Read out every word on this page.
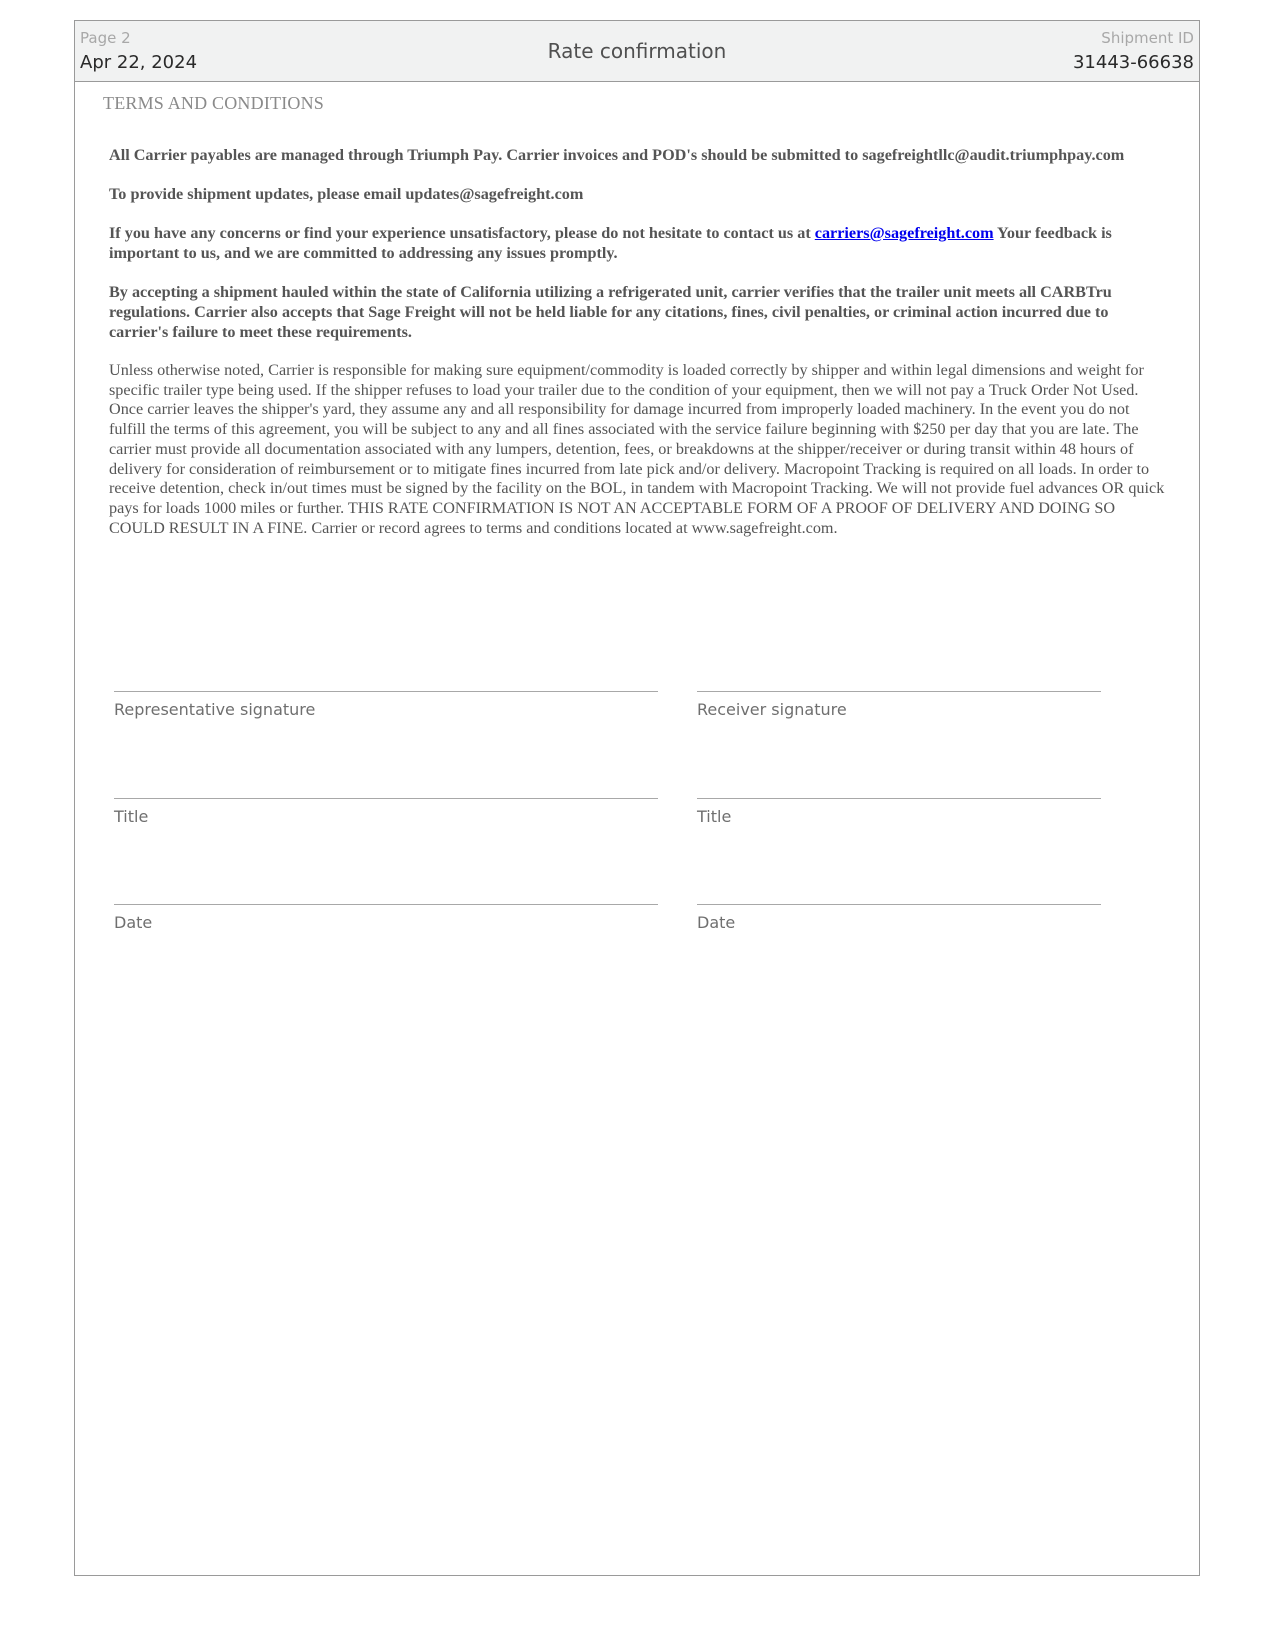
Page 2
Apr 22, 2024	Rate confirmation
Shipment ID
31443-66638
TERMS AND CONDITIONS

All Carrier payables are managed through Triumph Pay. Carrier invoices and POD's should be submitted to sagefreightllc@audit.triumphpay.com

To provide shipment updates, please email updates@sagefreight.com

If you have any concerns or find your experience unsatisfactory, please do not hesitate to contact us at carriers@sagefreight.com Your feedback is important to us, and we are committed to addressing any issues promptly.

By accepting a shipment hauled within the state of California utilizing a refrigerated unit, carrier verifies that the trailer unit meets all CARBTru regulations. Carrier also accepts that Sage Freight will not be held liable for any citations, fines, civil penalties, or criminal action incurred due to carrier's failure to meet these requirements.

Unless otherwise noted, Carrier is responsible for making sure equipment/commodity is loaded correctly by shipper and within legal dimensions and weight for specific trailer type being used. If the shipper refuses to load your trailer due to the condition of your equipment, then we will not pay a Truck Order Not Used. Once carrier leaves the shipper's yard, they assume any and all responsibility for damage incurred from improperly loaded machinery. In the event you do not fulfill the terms of this agreement, you will be subject to any and all fines associated with the service failure beginning with $250 per day that you are late. The carrier must provide all documentation associated with any lumpers, detention, fees, or breakdowns at the shipper/receiver or during transit within 48 hours of delivery for consideration of reimbursement or to mitigate fines incurred from late pick and/or delivery. Macropoint Tracking is required on all loads. In order to receive detention, check in/out times must be signed by the facility on the BOL, in tandem with Macropoint Tracking. We will not provide fuel advances OR quick pays for loads 1000 miles or further. THIS RATE CONFIRMATION IS NOT AN ACCEPTABLE FORM OF A PROOF OF DELIVERY AND DOING SO COULD RESULT IN A FINE. Carrier or record agrees to terms and conditions located at www.sagefreight.com.

Representative signature
Title
Date
Receiver signature
Title
Date
